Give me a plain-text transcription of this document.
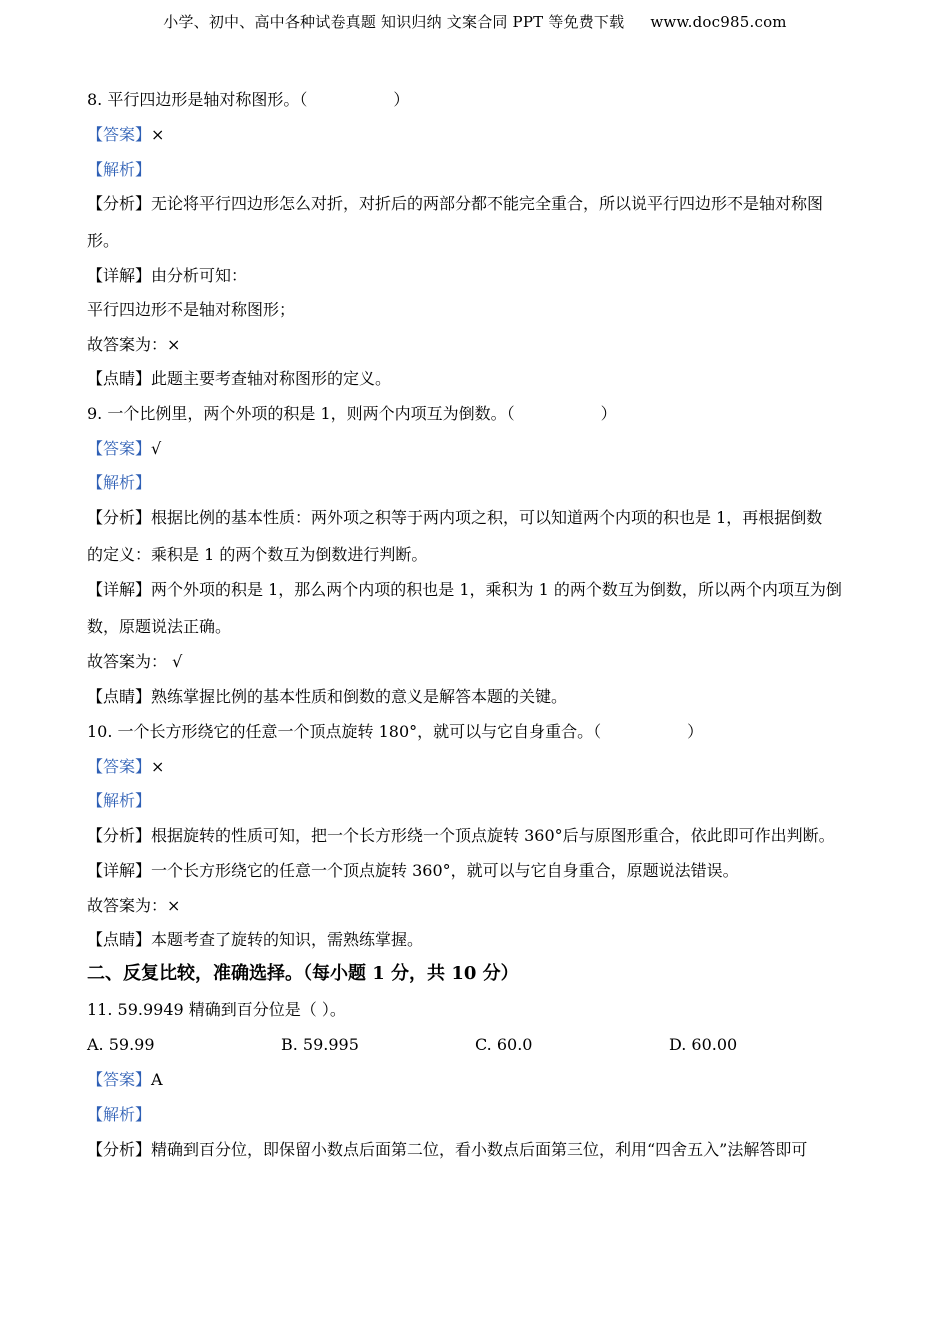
小学、初中、高中各种试卷真题 知识归纳 文案合同 PPT 等免费下载 www.doc985.com

8. 平行四边形是轴对称图形。（	）

【答案】×

【解析】

【分析】无论将平行四边形怎么对折，对折后的两部分都不能完全重合，所以说平行四边形不是轴对称图

形。

【详解】由分析可知：

平行四边形不是轴对称图形；

故答案为：×

【点睛】此题主要考查轴对称图形的定义。

9. 一个比例里，两个外项的积是 1，则两个内项互为倒数。（	）

【答案】√

【解析】

【分析】根据比例的基本性质：两外项之积等于两内项之积，可以知道两个内项的积也是 1，再根据倒数

的定义：乘积是 1 的两个数互为倒数进行判断。

【详解】两个外项的积是 1，那么两个内项的积也是 1，乘积为 1 的两个数互为倒数，所以两个内项互为倒

数，原题说法正确。

故答案为： √

【点睛】熟练掌握比例的基本性质和倒数的意义是解答本题的关键。

10. 一个长方形绕它的任意一个顶点旋转 180°，就可以与它自身重合。（	）

【答案】×

【解析】

【分析】根据旋转的性质可知，把一个长方形绕一个顶点旋转 360°后与原图形重合，依此即可作出判断。

【详解】一个长方形绕它的任意一个顶点旋转 360°，就可以与它自身重合，原题说法错误。

故答案为：×

【点睛】本题考查了旋转的知识，需熟练掌握。

二、反复比较，准确选择。（每小题 1 分，共 10 分）

11. 59.9949 精确到百分位是（ ）。

A. 59.99	B. 59.995	C. 60.0	D. 60.00

【答案】A

【解析】

【分析】精确到百分位，即保留小数点后面第二位，看小数点后面第三位，利用“四舍五入”法解答即可
